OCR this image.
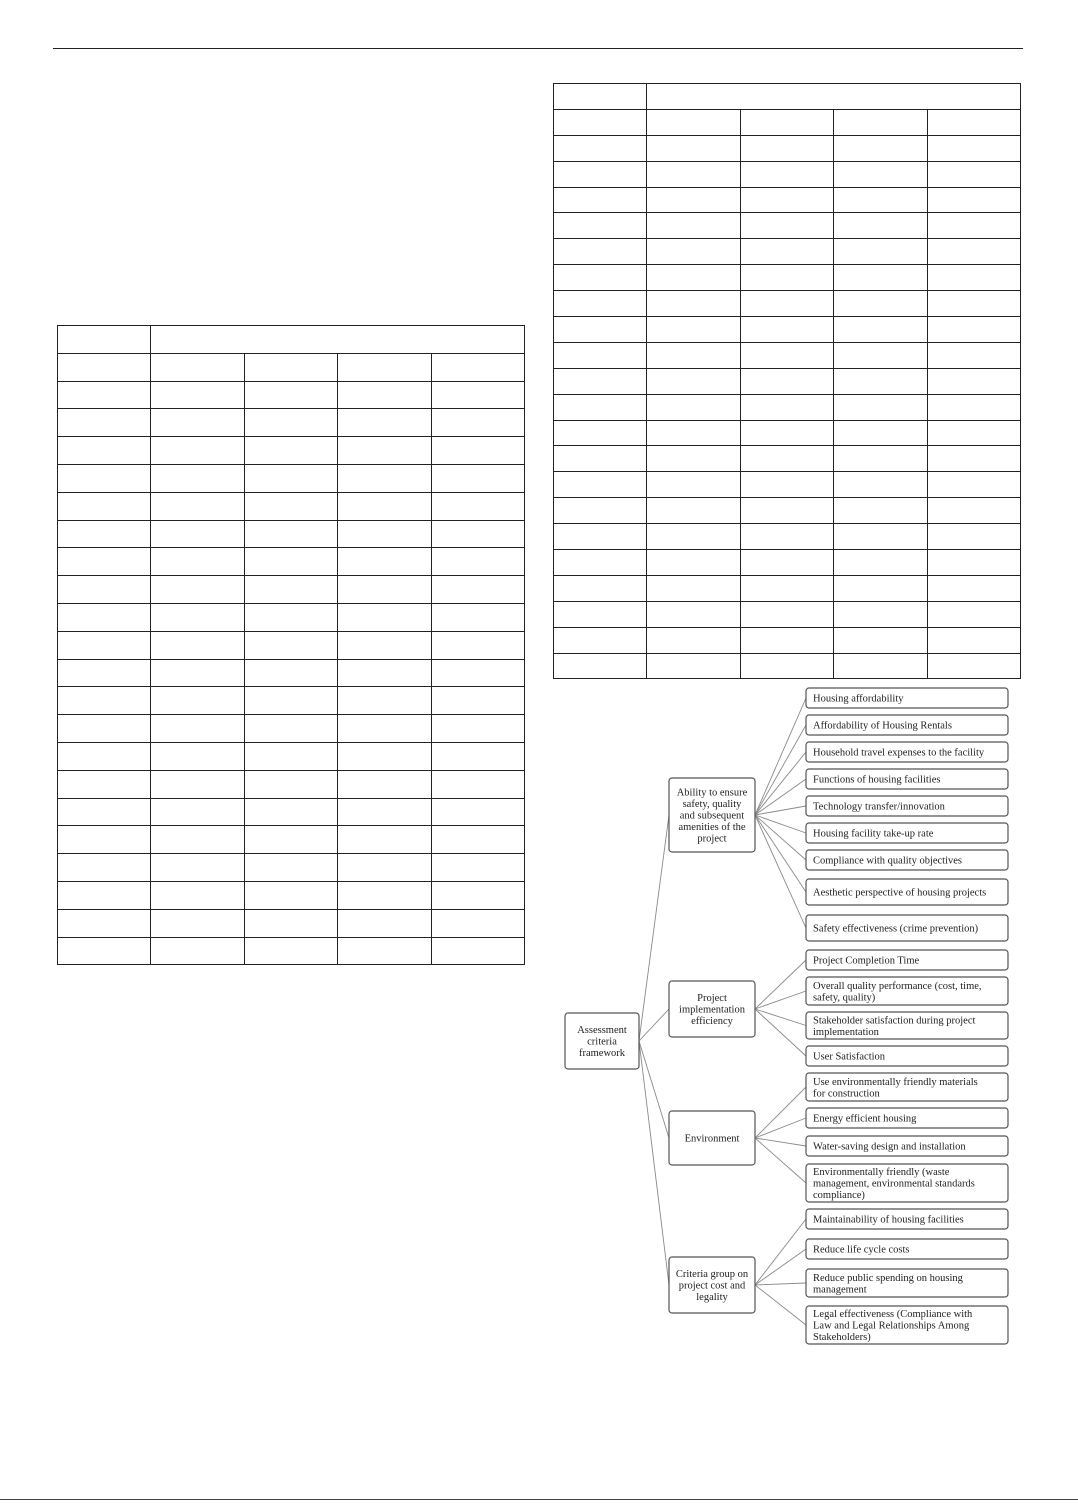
Assessment
criteria
framework
Ability to ensure
safety, quality
and subsequent
amenities of the
project
Housing affordability
Affordability of Housing Rentals
Household travel expenses to the facility
Functions of housing facilities
Technology transfer/innovation
Housing facility take-up rate
Compliance with quality objectives
Aesthetic perspective of housing projects
Safety effectiveness (crime prevention)
Project
implementation
efficiency
Project Completion Time
Overall quality performance (cost, time,
safety, quality)
Stakeholder satisfaction during project
implementation
User Satisfaction
Environment
Use environmentally friendly materials
for construction
Energy efficient housing
Water-saving design and installation
Environmentally friendly (waste
management, environmental standards
compliance)
Criteria group on
project cost and
legality
Maintainability of housing facilities
Reduce life cycle costs
Reduce public spending on housing
management
Legal effectiveness (Compliance with
Law and Legal Relationships Among
Stakeholders)
